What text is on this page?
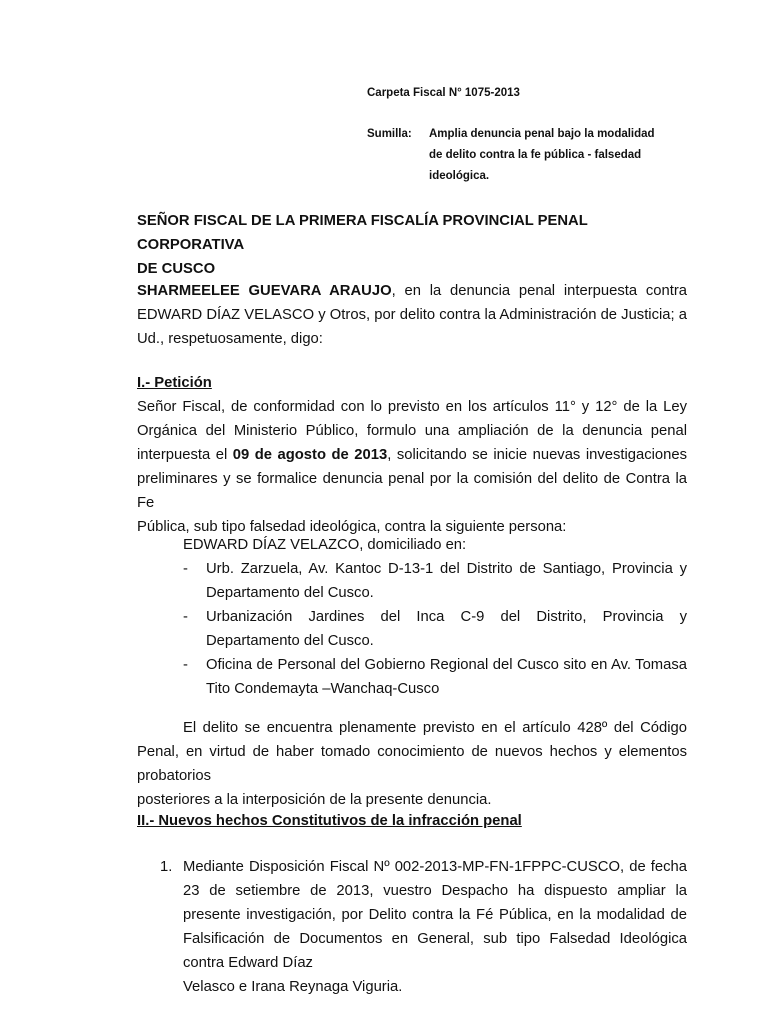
Carpeta Fiscal N° 1075-2013
Sumilla: Amplia denuncia penal bajo la modalidad
de delito contra la fe pública - falsedad
ideológica.
SEÑOR FISCAL DE LA PRIMERA FISCALÍA PROVINCIAL PENAL CORPORATIVA
DE CUSCO
SHARMEELEE GUEVARA ARAUJO, en la denuncia penal interpuesta contra
EDWARD DÍAZ VELASCO y Otros, por delito contra la Administración de Justicia; a
Ud., respetuosamente, digo:
I.- Petición
Señor Fiscal, de conformidad con lo previsto en los artículos 11° y 12° de la Ley Orgánica del Ministerio Público, formulo una ampliación de la denuncia penal interpuesta el 09 de agosto de 2013, solicitando se inicie nuevas investigaciones preliminares y se formalice denuncia penal por la comisión del delito de Contra la Fe
Pública, sub tipo falsedad ideológica, contra la siguiente persona:
EDWARD DÍAZ VELAZCO, domiciliado en:
- Urb. Zarzuela, Av. Kantoc D-13-1 del Distrito de Santiago, Provincia y Departamento del Cusco.
- Urbanización Jardines del Inca C-9 del Distrito, Provincia y Departamento del Cusco.
- Oficina de Personal del Gobierno Regional del Cusco sito en Av. Tomasa Tito Condemayta –Wanchaq-Cusco
El delito se encuentra plenamente previsto en el artículo 428º del Código Penal, en virtud de haber tomado conocimiento de nuevos hechos y elementos probatorios
posteriores a la interposición de la presente denuncia.
II.- Nuevos hechos Constitutivos de la infracción penal
1. Mediante Disposición Fiscal Nº 002-2013-MP-FN-1FPPC-CUSCO, de fecha 23 de setiembre de 2013, vuestro Despacho ha dispuesto ampliar la presente investigación, por Delito contra la Fé Pública, en la modalidad de Falsificación de Documentos en General, sub tipo Falsedad Ideológica contra Edward Díaz
Velasco e Irana Reynaga Viguria.
